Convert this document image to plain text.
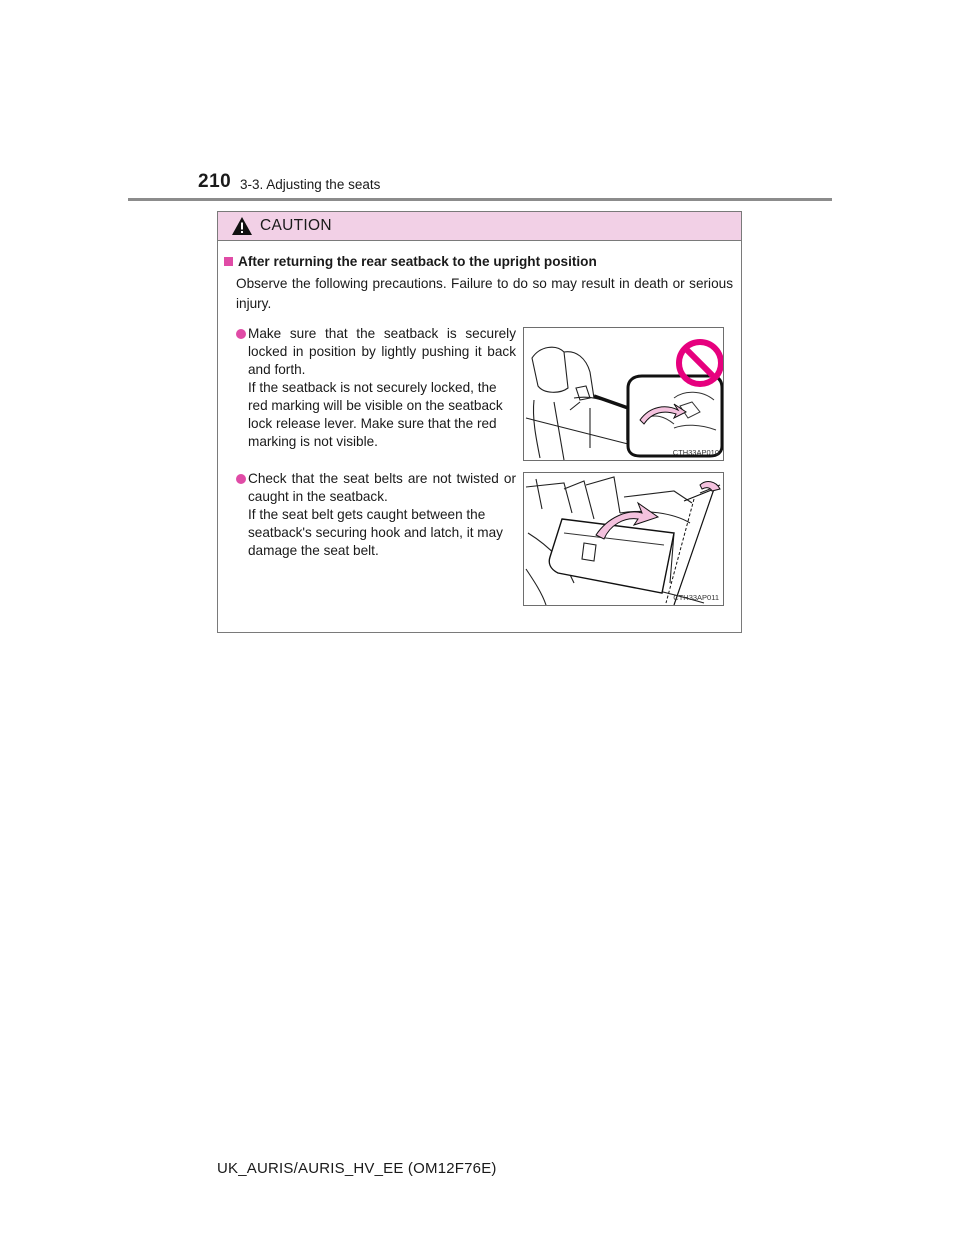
210 3-3. Adjusting the seats
CAUTION
After returning the rear seatback to the upright position
Observe the following precautions. Failure to do so may result in death or serious injury.

Make sure that the seatback is securely locked in position by lightly pushing it back and forth.

If the seatback is not securely locked, the red marking will be visible on the seatback lock release lever. Make sure that the red marking is not visible.

CTH33AP010

Check that the seat belts are not twisted or caught in the seatback.

If the seat belt gets caught between the seatback's securing hook and latch, it may damage the seat belt.

CTH33AP011
UK_AURIS/AURIS_HV_EE (OM12F76E)
